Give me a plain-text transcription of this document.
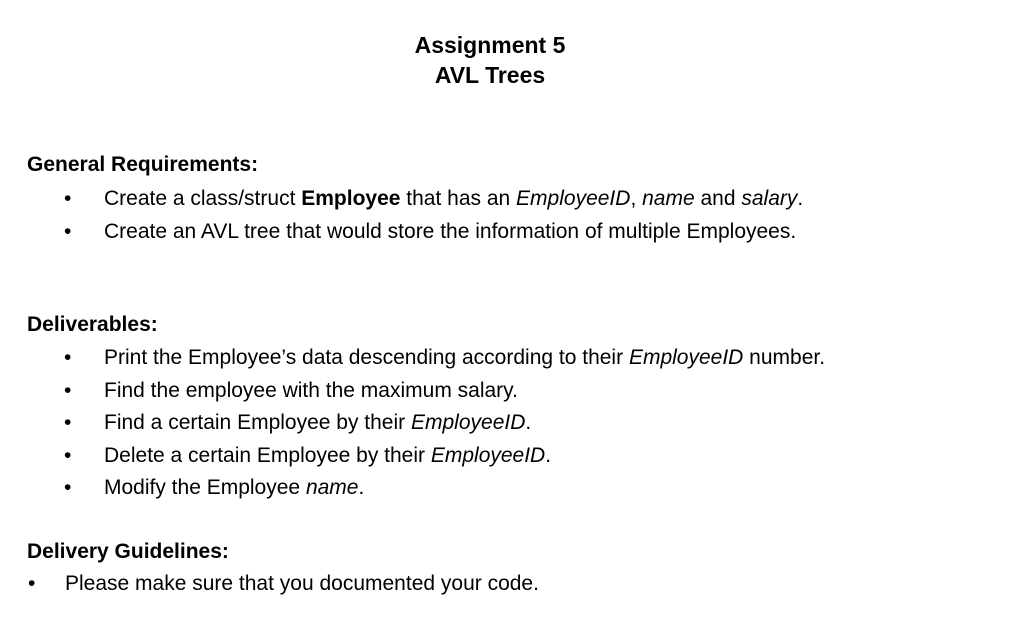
Assignment 5
AVL Trees
General Requirements:
• Create a class/struct Employee that has an EmployeeID, name and salary.
• Create an AVL tree that would store the information of multiple Employees.
Deliverables:
• Print the Employee’s data descending according to their EmployeeID number.
• Find the employee with the maximum salary.
• Find a certain Employee by their EmployeeID.
• Delete a certain Employee by their EmployeeID.
• Modify the Employee name.
Delivery Guidelines:
• Please make sure that you documented your code.
